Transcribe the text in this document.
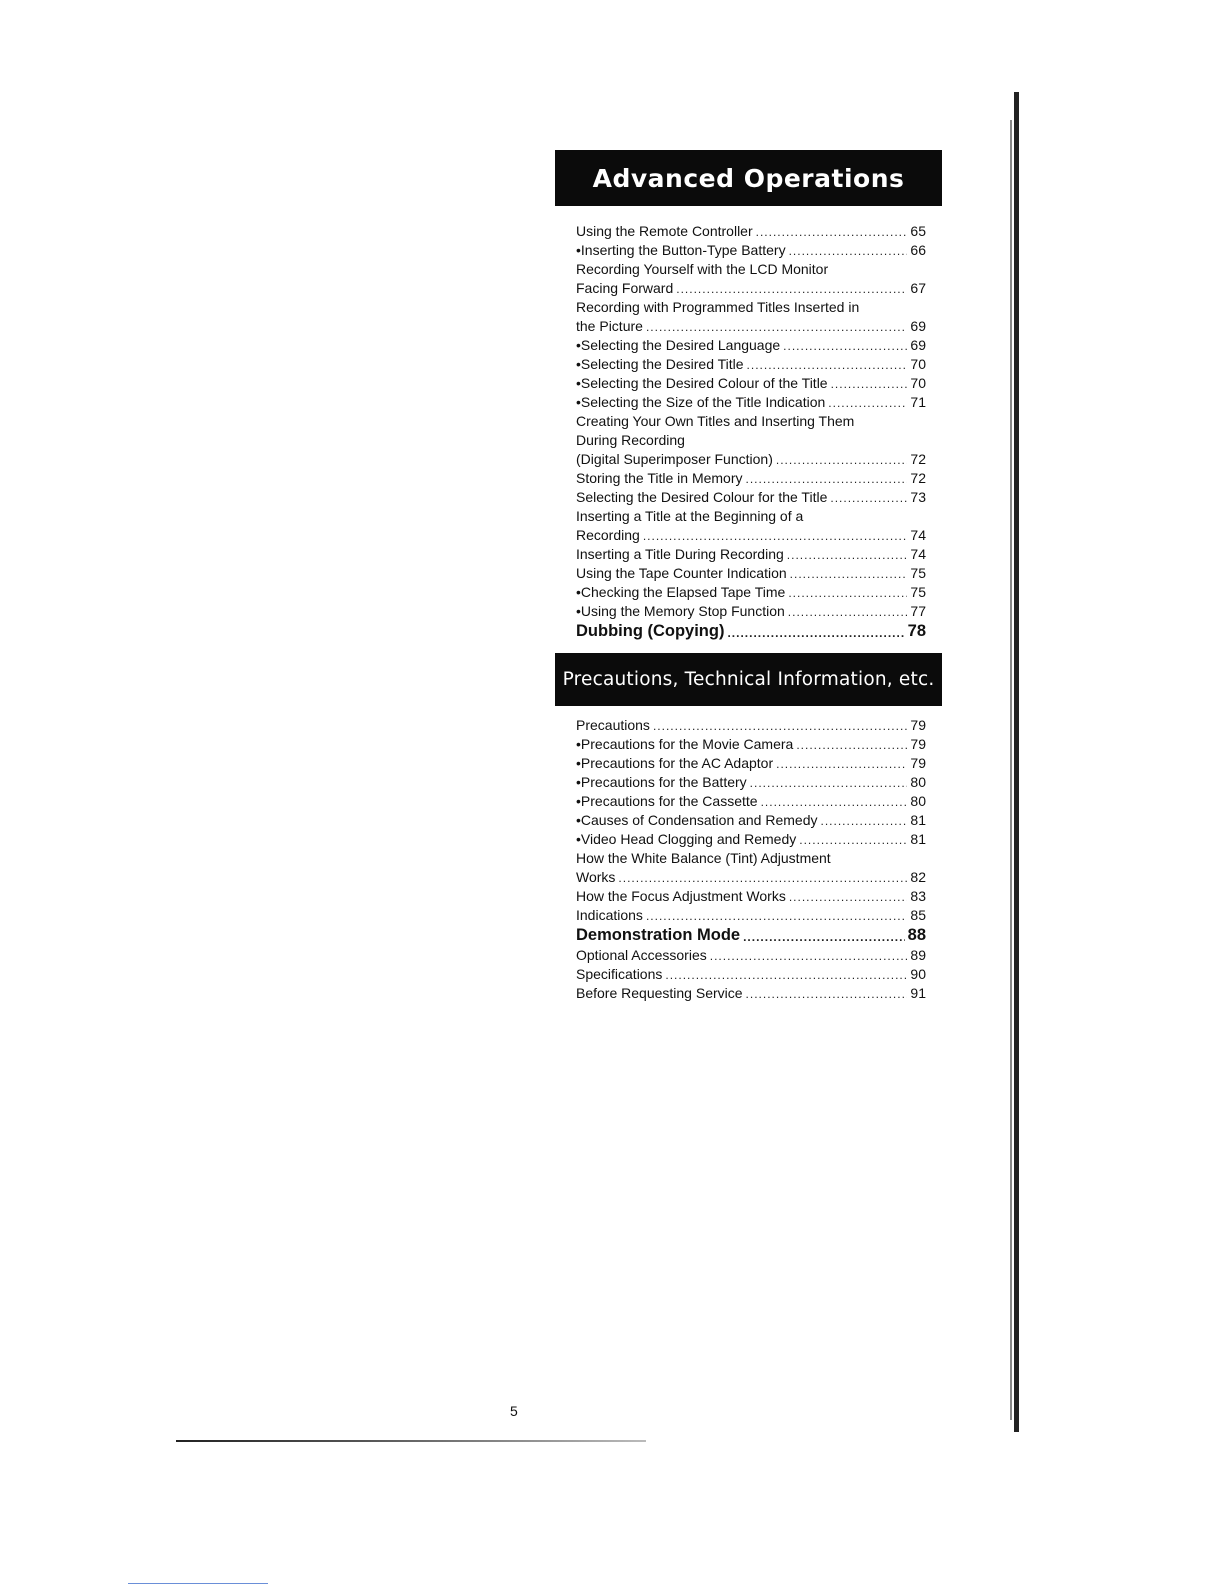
Advanced Operations
Using the Remote Controller .....	65
•Inserting the Button-Type Battery .....	66
Recording Yourself with the LCD Monitor
Facing Forward .....	67
Recording with Programmed Titles Inserted in
the Picture .....	69
•Selecting the Desired Language .....	69
•Selecting the Desired Title .....	70
•Selecting the Desired Colour of the Title .....	70
•Selecting the Size of the Title Indication .....	71
Creating Your Own Titles and Inserting Them
During Recording
(Digital Superimposer Function) .....	72
Storing the Title in Memory .....	72
Selecting the Desired Colour for the Title .....	73
Inserting a Title at the Beginning of a
Recording .....	74
Inserting a Title During Recording .....	74
Using the Tape Counter Indication .....	75
•Checking the Elapsed Tape Time .....	75
•Using the Memory Stop Function .....	77
Dubbing (Copying) .....	78
Precautions, Technical Information, etc.
Precautions .....	79
•Precautions for the Movie Camera .....	79
•Precautions for the AC Adaptor .....	79
•Precautions for the Battery .....	80
•Precautions for the Cassette .....	80
•Causes of Condensation and Remedy .....	81
•Video Head Clogging and Remedy .....	81
How the White Balance (Tint) Adjustment
Works .....	82
How the Focus Adjustment Works .....	83
Indications .....	85
Demonstration Mode .....	88
Optional Accessories .....	89
Specifications .....	90
Before Requesting Service .....	91
5
